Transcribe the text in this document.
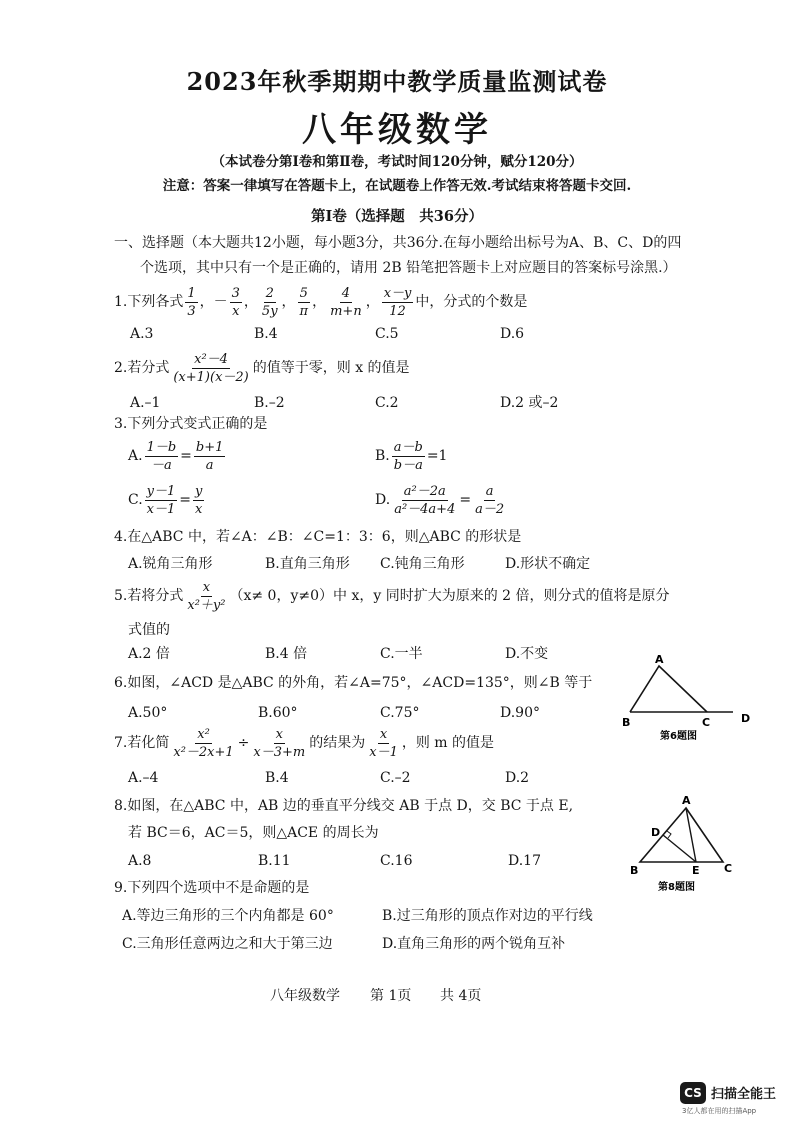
2023年秋季期期中教学质量监测试卷
八年级数学
（本试卷分第Ⅰ卷和第Ⅱ卷，考试时间120分钟，赋分120分）
注意：答案一律填写在答题卡上，在试题卷上作答无效.考试结束将答题卡交回.
第Ⅰ卷（选择题　共36分）
一、选择题（本大题共12小题，每小题3分，共36分.在每小题给出标号为A、B、C、D的四
个选项，其中只有一个是正确的，请用 2B 铅笔把答题卡上对应题目的答案标号涂黑.）
1.下列各式 $\frac{1}{3}$ ， － $\frac{3}{x}$ ， $\frac{2}{5y}$ ， $\frac{5}{\pi}$ ， $\frac{4}{m+n}$ ， $\frac{x-y}{12}$ 中，分式的个数是
A.3	B.4	C.5	D.6
2.若分式 $\frac{\text{x²－4}}{(x+1)(x-2)}$ 的值等于零，则 x 的值是
A.–1	B.–2	C.2	D.2 或–2
3.下列分式变式正确的是
A. $\frac{1-b}{-a} = \frac{b+1}{a}$	B. $\frac{a-b}{b-a} =1$
C. $\frac{y-1}{x-1} = \frac{y}{x}$	D. $\frac{\text{a²－2a}}{\text{a²－4a+4}} = \frac{a}{a-2}$
4.在△ABC 中，若∠A：∠B：∠C=1：3：6，则△ABC 的形状是
A.锐角三角形	B.直角三角形 C.钝角三角形	D.形状不确定
5.若将分式 $\frac{x}{\text{x²＋y²}} (x\ne 0$，y≠0）中 x，y 同时扩大为原来的 2 倍，则分式的值将是原分
式值的
A.2 倍	B.4 倍	C.一半	D.不变
6.如图，∠ACD 是△ABC 的外角，若∠A=75°，∠ACD=135°，则∠B 等于
A.50°	B.60°	C.75°	D.90°
A
B	C	D
第6题图
7.若化简 $\frac{\text{x²}}{\text{x²－2x+1}} \div \frac{x}{x-3+m}$ 的结果为 $\frac{x}{x-1}$ ，则 m 的值是
A.–4	B.4	C.–2	D.2
8.如图，在△ABC 中，AB 边的垂直平分线交 AB 于点 D，交 BC 于点 E,
若 BC＝6，AC＝5，则△ACE 的周长为
A.8	B.11	C.16	D.17
A
D
B	E C
第8题图
9.下列四个选项中不是命题的是
A.等边三角形的三个内角都是 60°	B.过三角形的顶点作对边的平行线
C.三角形任意两边之和大于第三边	D.直角三角形的两个锐角互补
八年级数学 第 1页 共 4页
CS 扫描全能王
3亿人都在用的扫描App
